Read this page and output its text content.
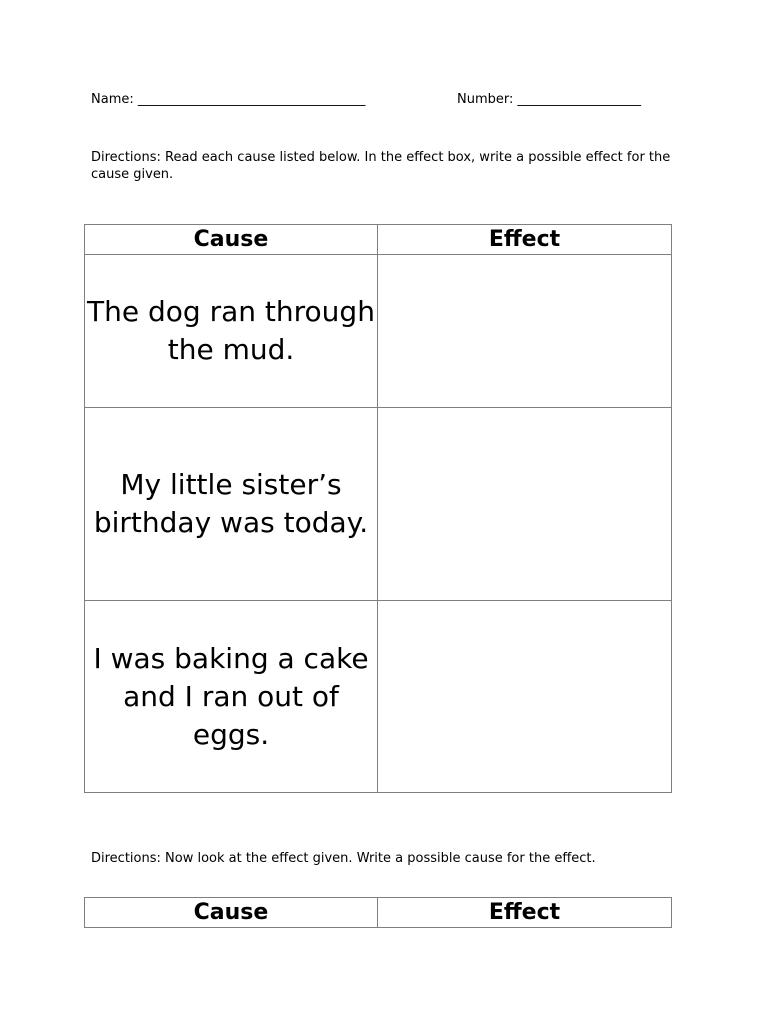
Name: ___________________________________	Number: ___________________
Directions: Read each cause listed below. In the effect box, write a possible effect for the cause given.
Cause	Effect
The dog ran through the mud.	
My little sister’s birthday was today.	
I was baking a cake and I ran out of eggs.	
Directions: Now look at the effect given. Write a possible cause for the effect.
Cause	Effect
